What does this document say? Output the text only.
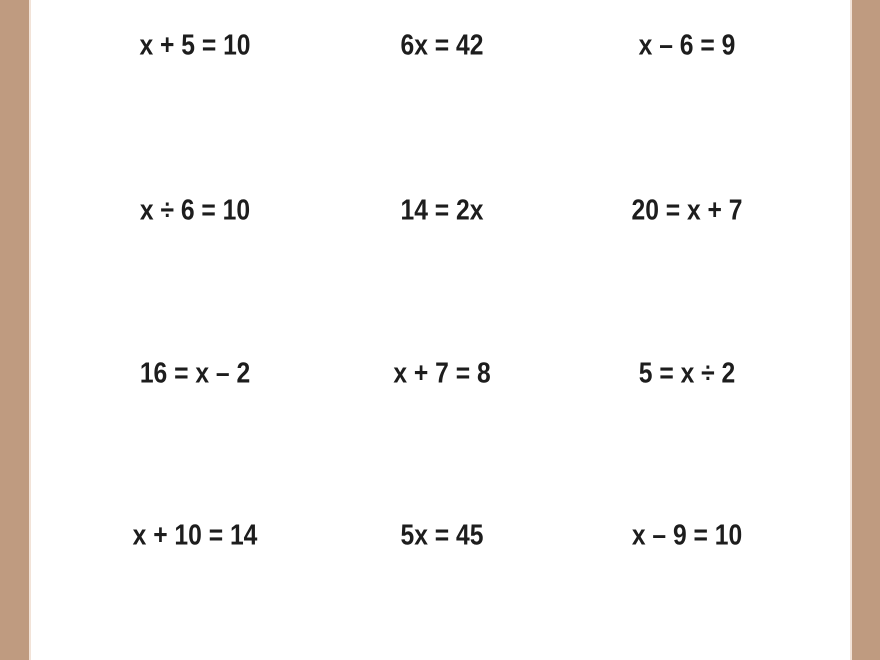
x + 5 = 10	6x = 42	x – 6 = 9
x ÷ 6 = 10	14 = 2x	20 = x + 7
16 = x – 2	x + 7 = 8	5 = x ÷ 2
x + 10 = 14	5x = 45	x – 9 = 10
